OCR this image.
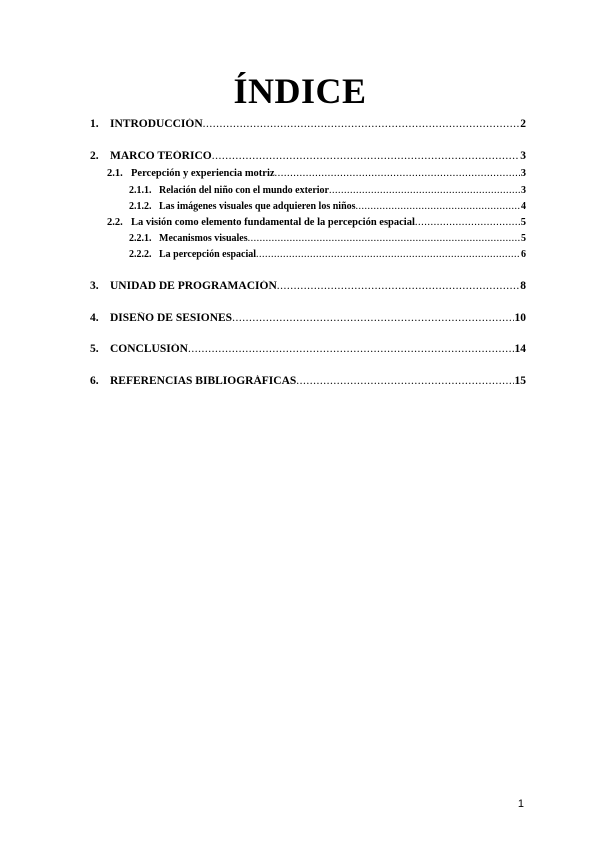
ÍNDICE
1. INTRODUCCIÓN .....	2
2. MARCO TEÓRICO .....	3
2.1. Percepción y experiencia motriz .....	3
2.1.1. Relación del niño con el mundo exterior .....	3
2.1.2. Las imágenes visuales que adquieren los niños .....	4
2.2. La visión como elemento fundamental de la percepción espacial .....	5
2.2.1. Mecanismos visuales .....	5
2.2.2. La percepción espacial .....	6
3. UNIDAD DE PROGRAMACIÓN .....	8
4. DISEÑO DE SESIONES .....	10
5. CONCLUSIÓN .....	14
6. REFERENCIAS BIBLIOGRÁFICAS .....	15
1
